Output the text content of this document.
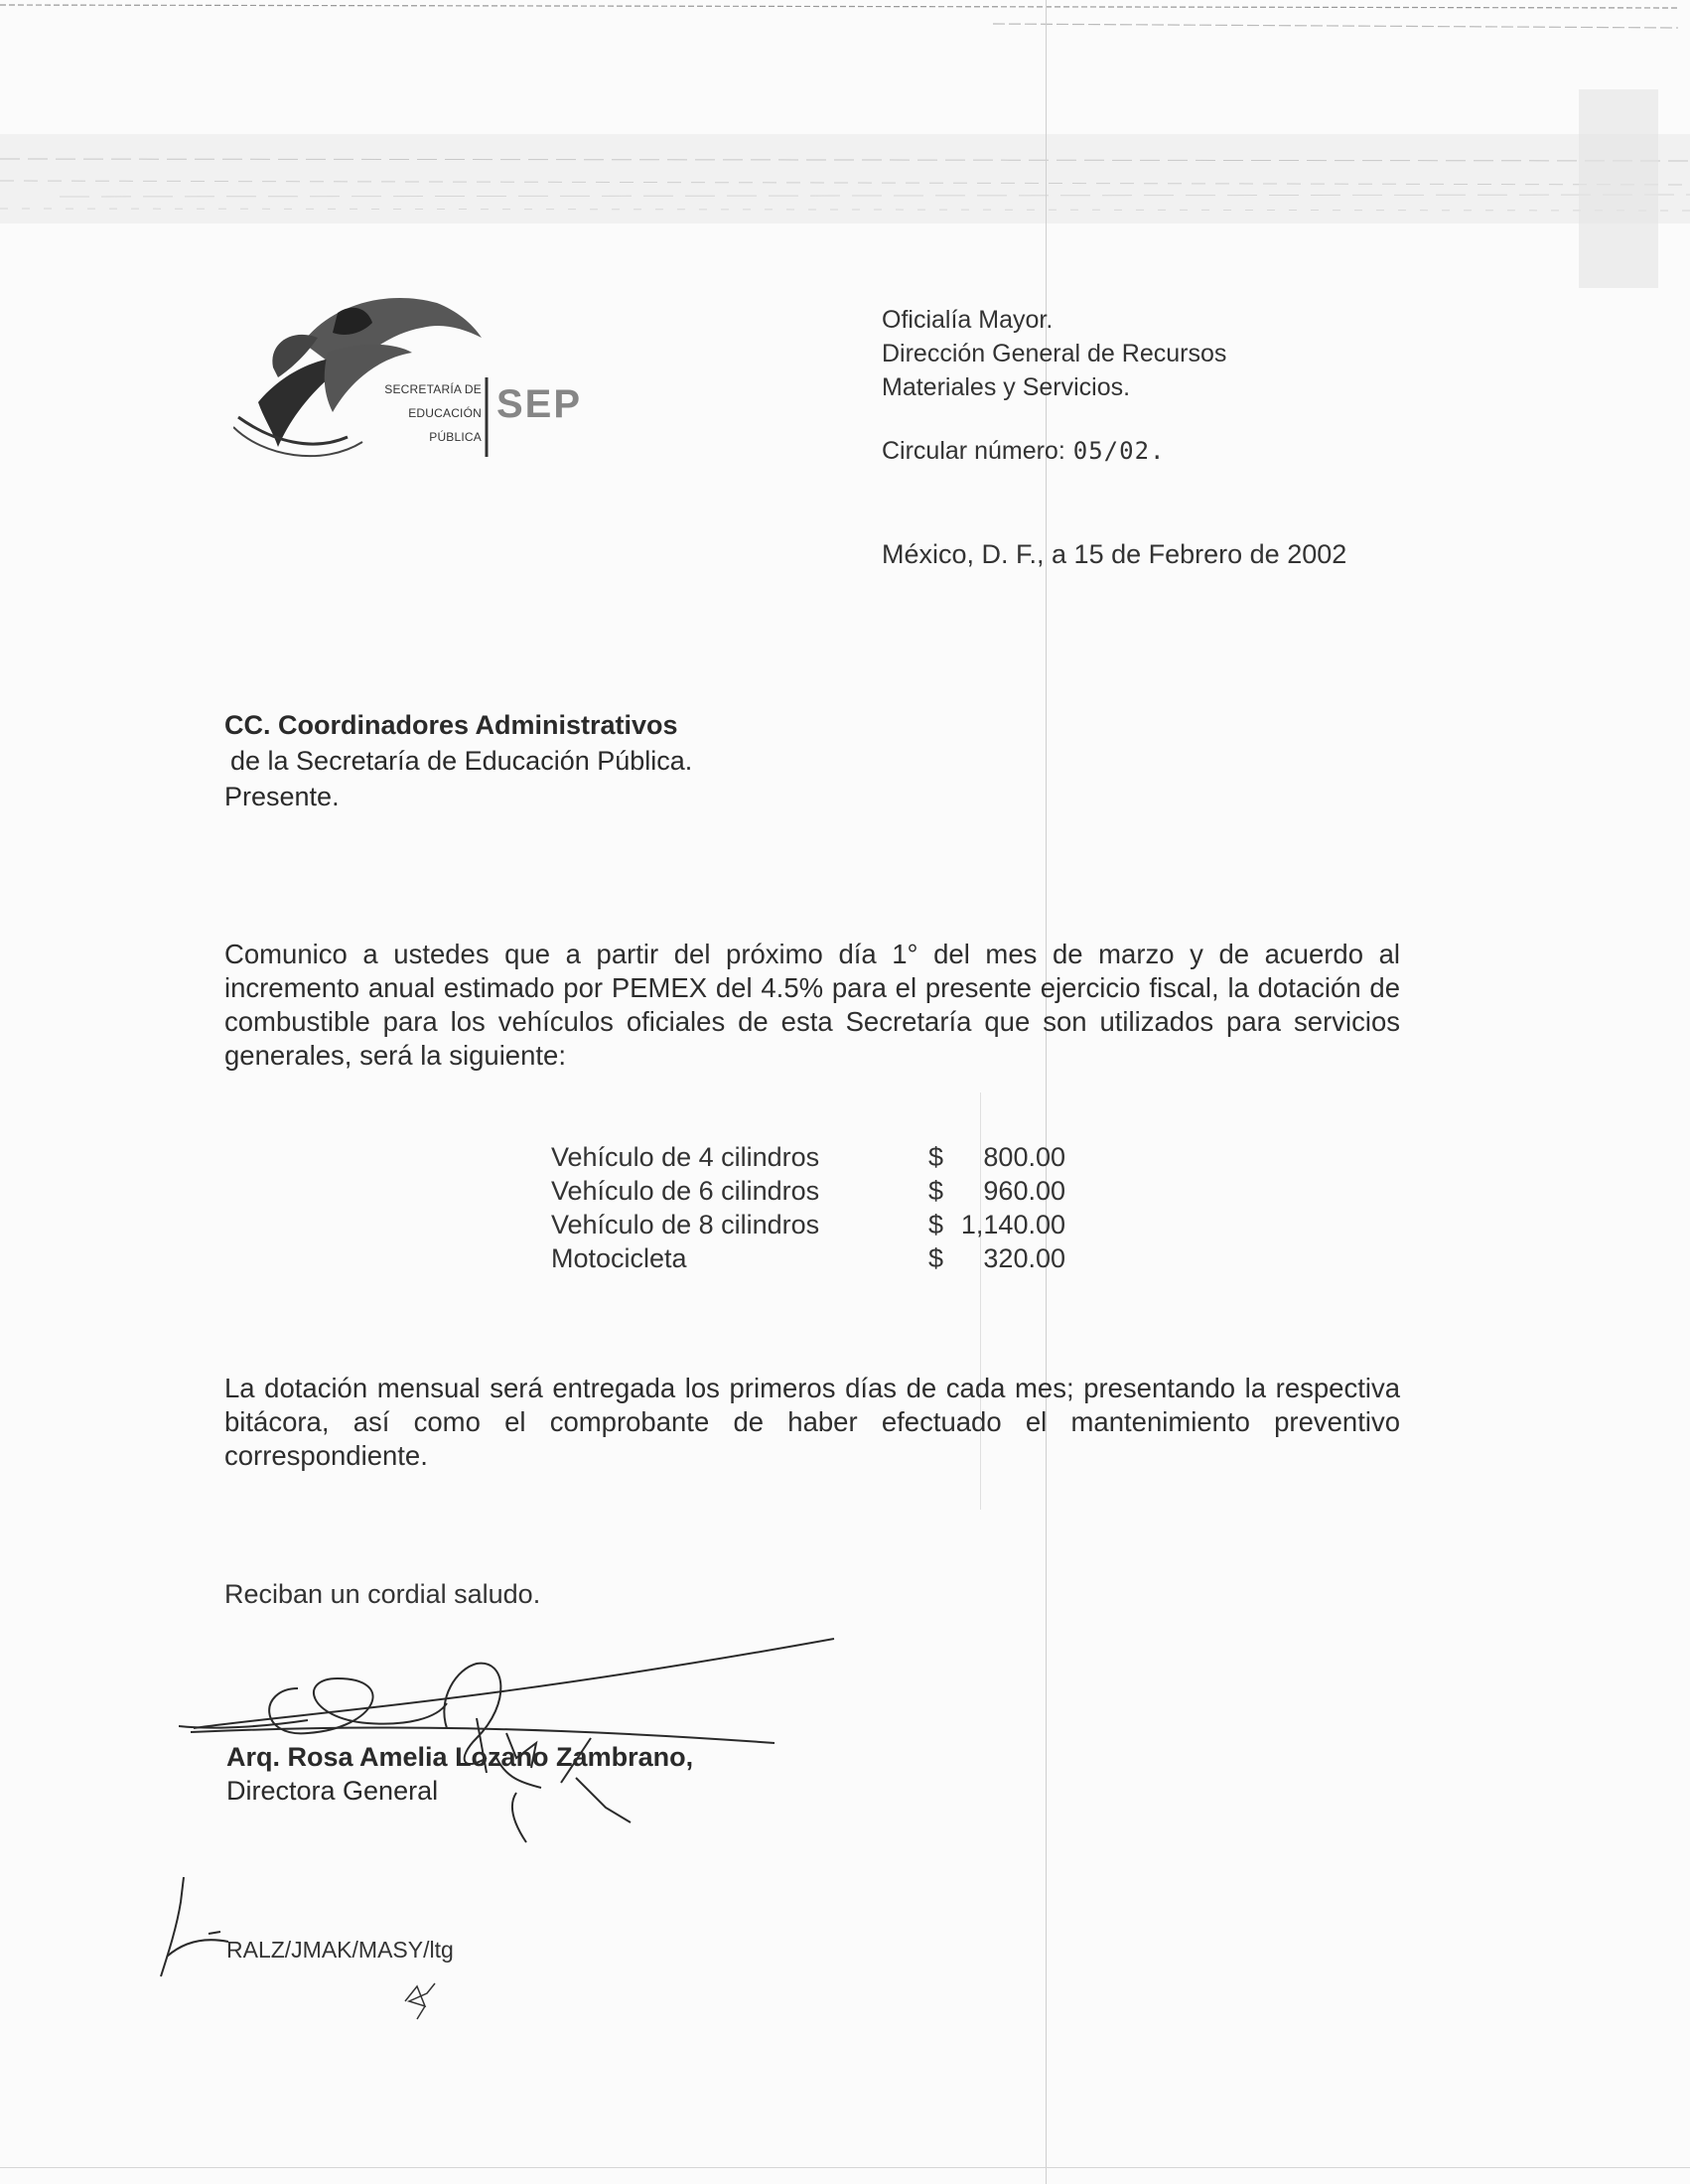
SECRETARÍA DE
EDUCACIÓN
PÚBLICA
SEP
Oficialía Mayor.
Dirección General de Recursos
Materiales y Servicios.
Circular número: 05/02.
México, D. F., a 15 de Febrero de 2002
CC. Coordinadores Administrativos
de la Secretaría de Educación Pública.
Presente.
Comunico a ustedes que a partir del próximo día 1° del mes de marzo y de acuerdo al incremento anual estimado por PEMEX del 4.5% para el presente ejercicio fiscal, la dotación de combustible para los vehículos oficiales de esta Secretaría que son utilizados para servicios generales, será la siguiente:
Vehículo de 4 cilindros	$	800.00
Vehículo de 6 cilindros	$	960.00
Vehículo de 8 cilindros	$ 1,140.00
Motocicleta	$	320.00
La dotación mensual será entregada los primeros días de cada mes; presentando la respectiva bitácora, así como el comprobante de haber efectuado el mantenimiento preventivo correspondiente.
Reciban un cordial saludo.
Arq. Rosa Amelia Lozano Zambrano,
Directora General
RALZ/JMAK/MASY/ltg
